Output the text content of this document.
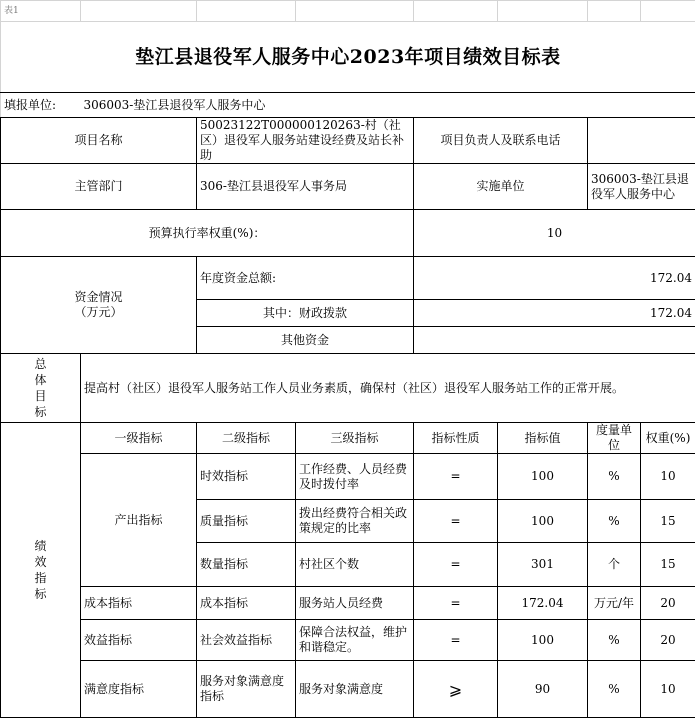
表1							
垫江县退役军人服务中心2023年项目绩效目标表							
填报单位:	306003-垫江县退役军人服务中心						
项目名称		50023122T000000120263-村（社区）退役军人服务站建设经费及站长补助		项目负责人及联系电话			
主管部门		306-垫江县退役军人事务局		实施单位		306003-垫江县退役军人服务中心	
预算执行率权重(%)：				10			

资金情况（万元）		年度资金总额:		172.04			
		其中：财政拨款		172.04			
		其他资金					
总体目标	提高村（社区）退役军人服务站工作人员业务素质，确保村（社区）退役军人服务站工作的正常开展。						
绩效指标	一级指标	二级指标	三级指标	指标性质	指标值	度量单位	权重(%)
	产出指标	时效指标	工作经费、人员经费及时拨付率	=	100	%	10
		质量指标	拨出经费符合相关政策规定的比率	=	100	%	15
		数量指标	村社区个数	=	301	个	15
	成本指标	成本指标	服务站人员经费	=	172.04	万元/年	20
	效益指标	社会效益指标	保障合法权益，维护和谐稳定。	=	100	%	20
	满意度指标	服务对象满意度指标	服务对象满意度	⩾	90	%	10
